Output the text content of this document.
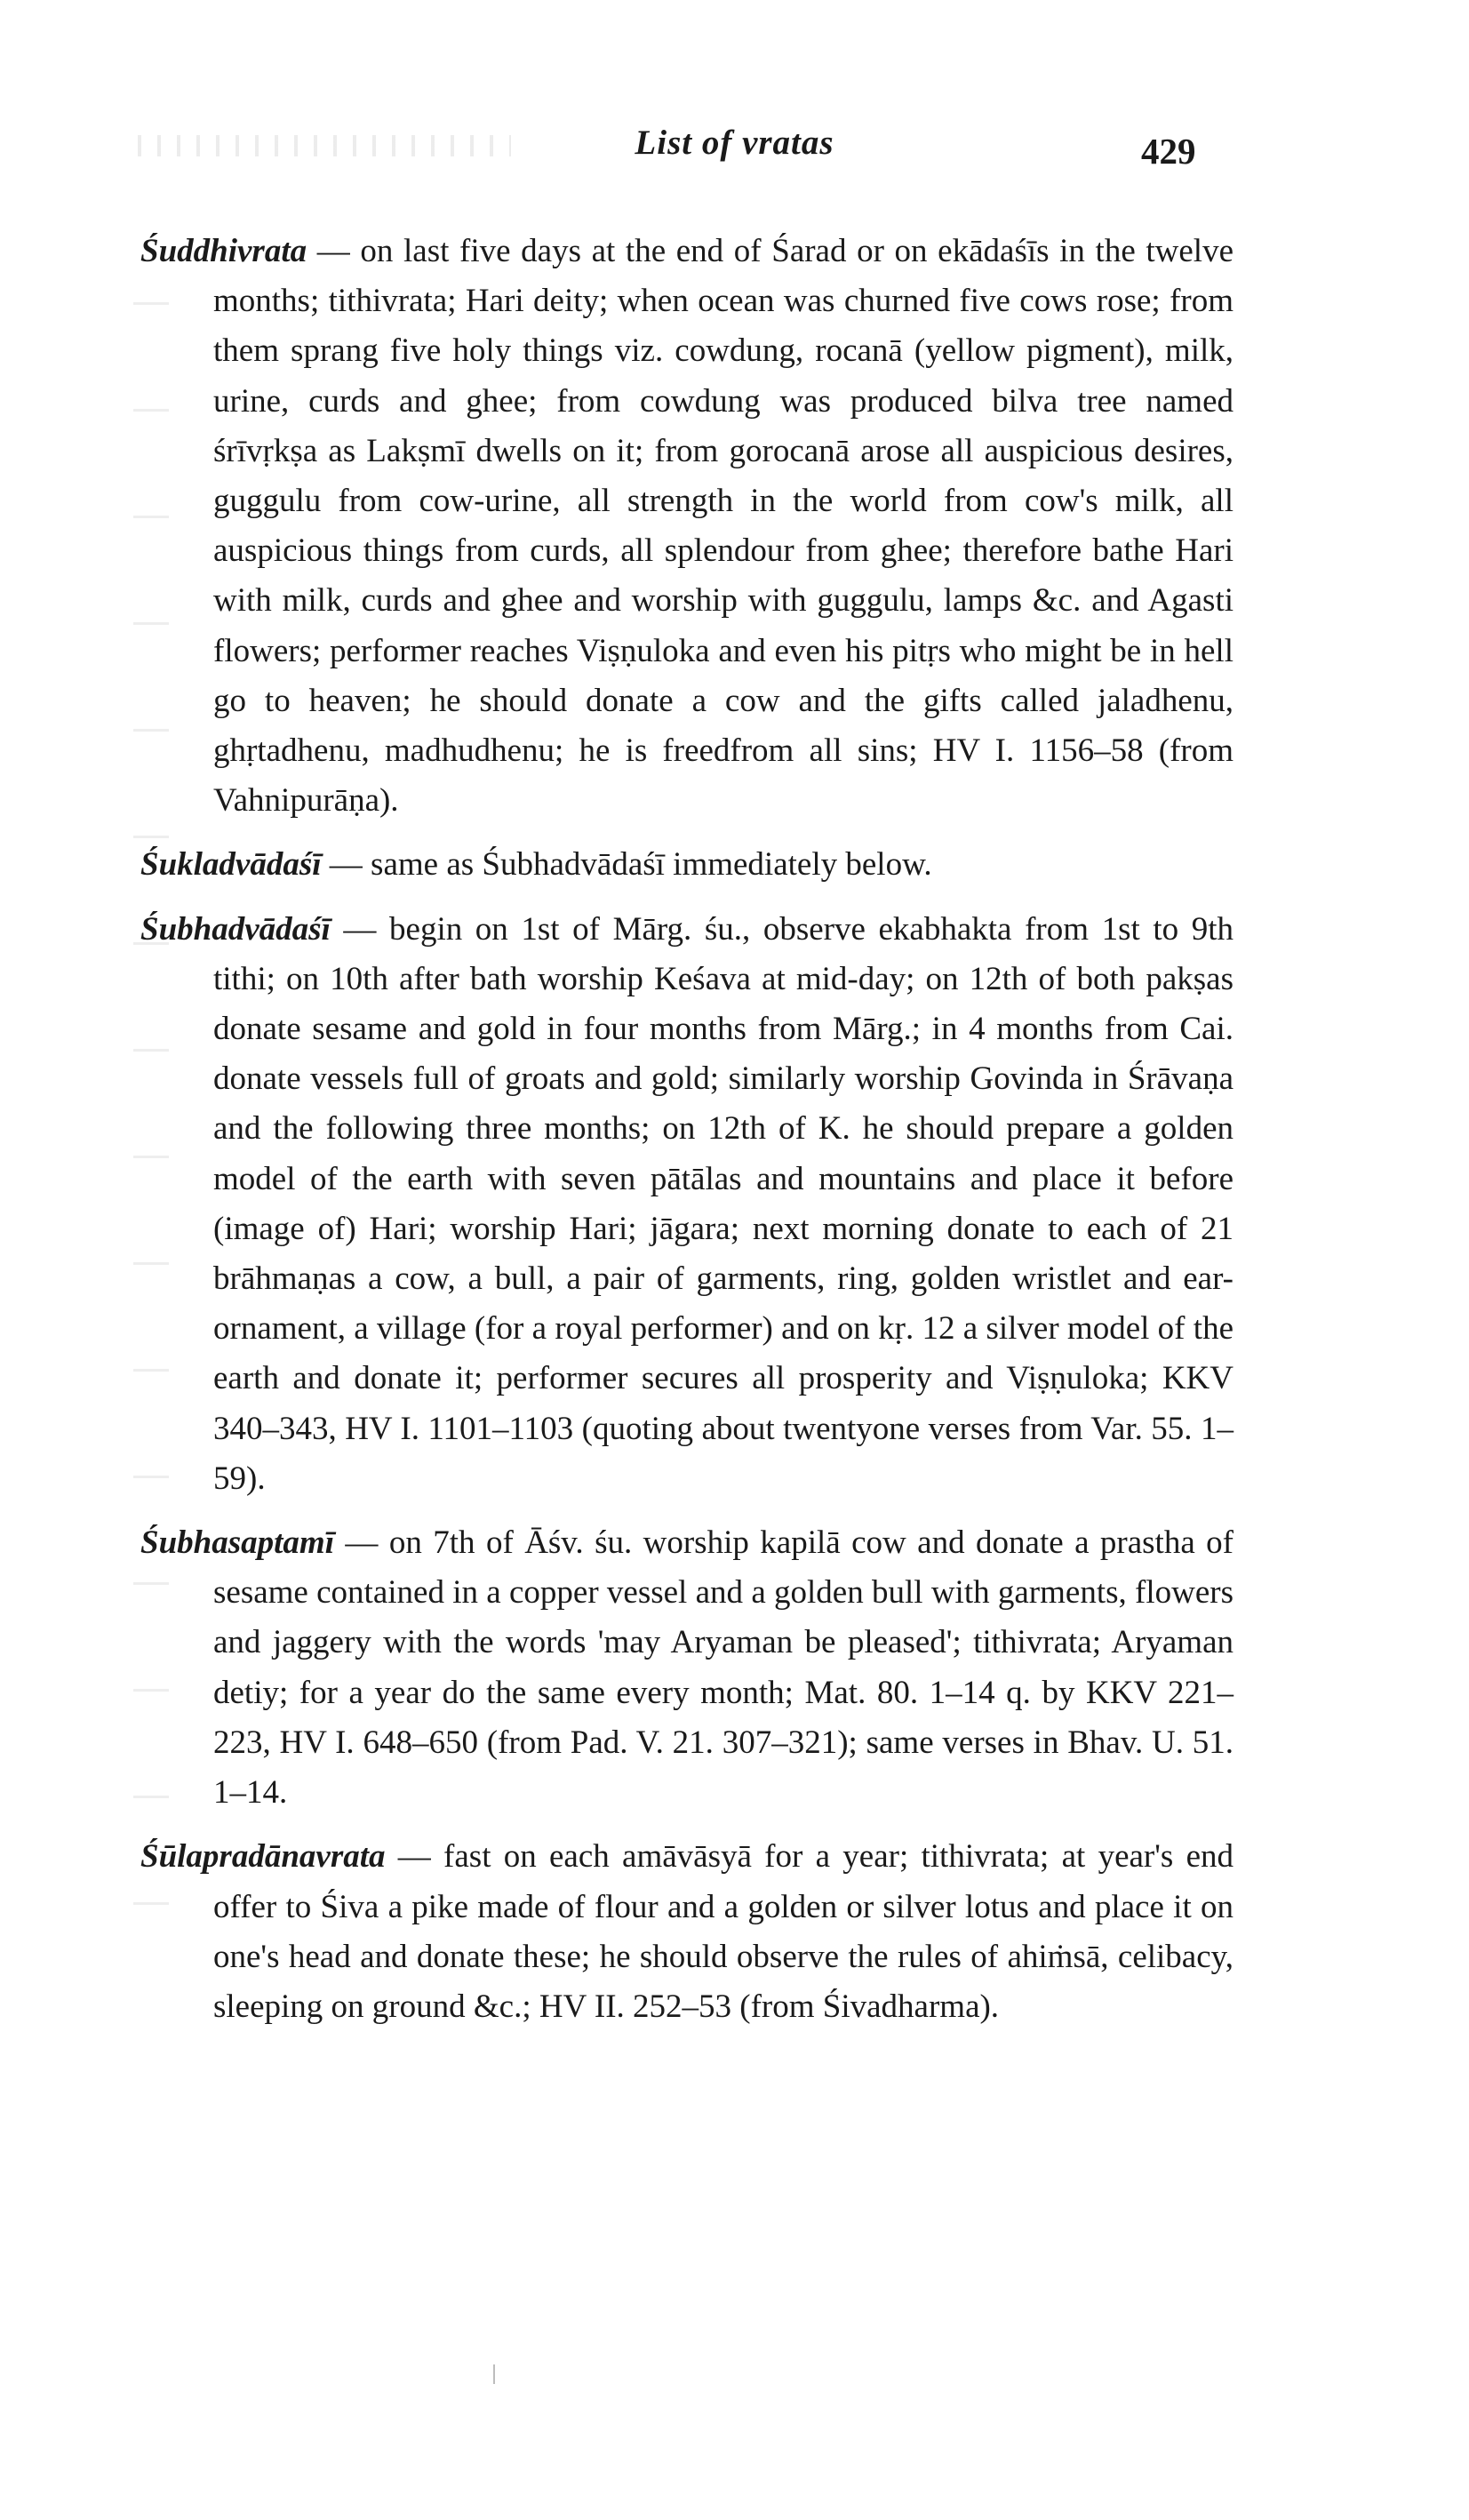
List of vratas	429

Śuddhivrata — on last five days at the end of Śarad or on ekādaśīs in the twelve months; tithivrata; Hari deity; when ocean was churned five cows rose; from them sprang five holy things viz. cowdung, rocanā (yellow pigment), milk, urine, curds and ghee; from cowdung was produced bilva tree named śrīvṛkṣa as Lakṣmī dwells on it; from gorocanā arose all auspicious desires, guggulu from cow-urine, all strength in the world from cow's milk, all auspicious things from curds, all splendour from ghee; therefore bathe Hari with milk, curds and ghee and worship with guggulu, lamps &c. and Agasti flowers; performer reaches Viṣṇuloka and even his pitṛs who might be in hell go to heaven; he should donate a cow and the gifts called jaladhenu, ghṛtadhenu, madhudhenu; he is freedfrom all sins; HV I. 1156–58 (from Vahnipurāṇa).

Śukladvādaśī — same as Śubhadvādaśī immediately below.

Śubhadvādaśī — begin on 1st of Mārg. śu., observe ekabhakta from 1st to 9th tithi; on 10th after bath worship Keśava at mid-day; on 12th of both pakṣas donate sesame and gold in four months from Mārg.; in 4 months from Cai. donate vessels full of groats and gold; similarly worship Govinda in Śrāvaṇa and the following three months; on 12th of K. he should prepare a golden model of the earth with seven pātālas and mountains and place it before (image of) Hari; worship Hari; jāgara; next morning donate to each of 21 brāhmaṇas a cow, a bull, a pair of garments, ring, golden wristlet and ear-ornament, a village (for a royal performer) and on kṛ. 12 a silver model of the earth and donate it; performer secures all prosperity and Viṣṇuloka; KKV 340–343, HV I. 1101–1103 (quoting about twentyone verses from Var. 55. 1–59).

Śubhasaptamī — on 7th of Āśv. śu. worship kapilā cow and donate a prastha of sesame contained in a copper vessel and a golden bull with garments, flowers and jaggery with the words 'may Aryaman be pleased'; tithivrata; Aryaman detiy; for a year do the same every month; Mat. 80. 1–14 q. by KKV 221–223, HV I. 648–650 (from Pad. V. 21. 307–321); same verses in Bhav. U. 51. 1–14.

Śūlapradānavrata — fast on each amāvāsyā for a year; tithivrata; at year's end offer to Śiva a pike made of flour and a golden or silver lotus and place it on one's head and donate these; he should observe the rules of ahiṁsā, celibacy, sleeping on ground &c.; HV II. 252–53 (from Śivadharma).
